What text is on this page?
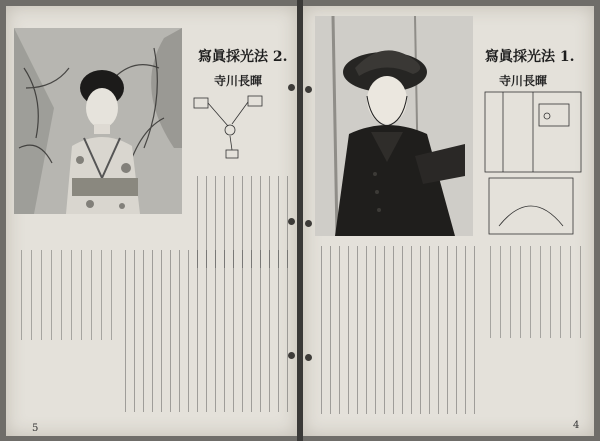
寫眞採光法 2.
寺川長暉
5
寫眞採光法 1.
寺川長暉
4
